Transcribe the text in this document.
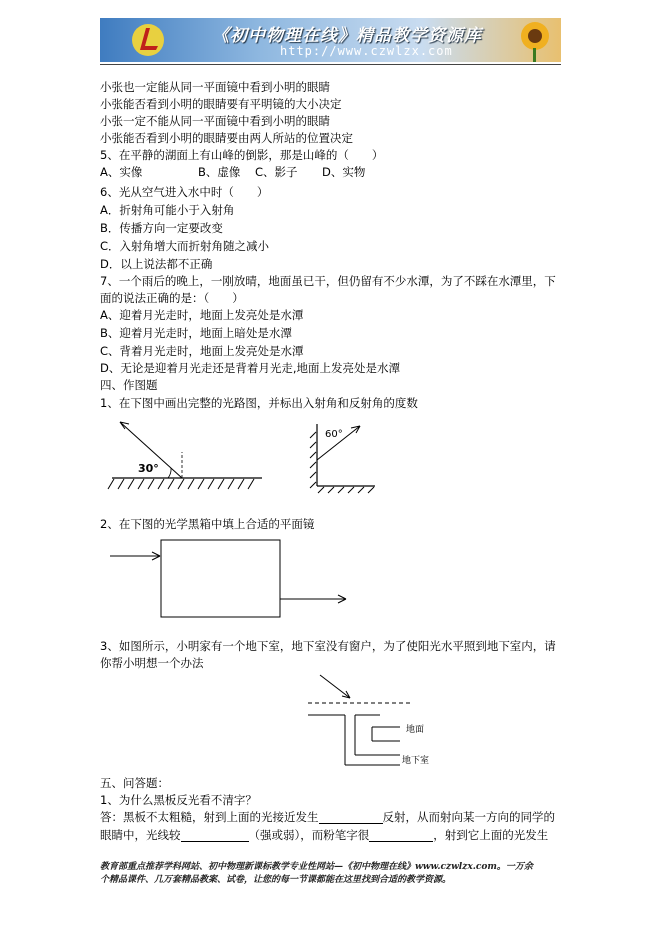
《初中物理在线》精品教学资源库
http://www.czwlzx.com
小张也一定能从同一平面镜中看到小明的眼睛
小张能否看到小明的眼睛要有平明镜的大小决定
小张一定不能从同一平面镜中看到小明的眼睛
小张能否看到小明的眼睛要由两人所站的位置决定
5、在平静的湖面上有山峰的倒影，那是山峰的（　　）
A、实像	B、虚像 C、影子 D、实物
6、光从空气进入水中时（　　）
A．折射角可能小于入射角
B．传播方向一定要改变
C．入射角增大而折射角随之减小
D．以上说法都不正确
7、一个雨后的晚上，一刚放晴，地面虽已干，但仍留有不少水潭，为了不踩在水潭里，下
面的说法正确的是：（　　）
A、迎着月光走时，地面上发亮处是水潭
B、迎着月光走时，地面上暗处是水潭
C、背着月光走时，地面上发亮处是水潭
D、无论是迎着月光走还是背着月光走,地面上发亮处是水潭
四、作图题
1、在下图中画出完整的光路图，并标出入射角和反射角的度数
30°
60°
2、在下图的光学黑箱中填上合适的平面镜
3、如图所示，小明家有一个地下室，地下室没有窗户，为了使阳光水平照到地下室内，请
你帮小明想一个办法
地面
地下室
五、问答题：
1、为什么黑板反光看不清字？
答：黑板不太粗糙，射到上面的光接近发生	反射，从而射向某一方向的同学的
眼睛中，光线较	（强或弱），而粉笔字很	，射到它上面的光发生
教育部重点推荐学科网站、初中物理新课标教学专业性网站—《初中物理在线》www.czwlzx.com。一万余
个精品课件、几万套精品教案、试卷，让您的每一节课都能在这里找到合适的教学资源。
